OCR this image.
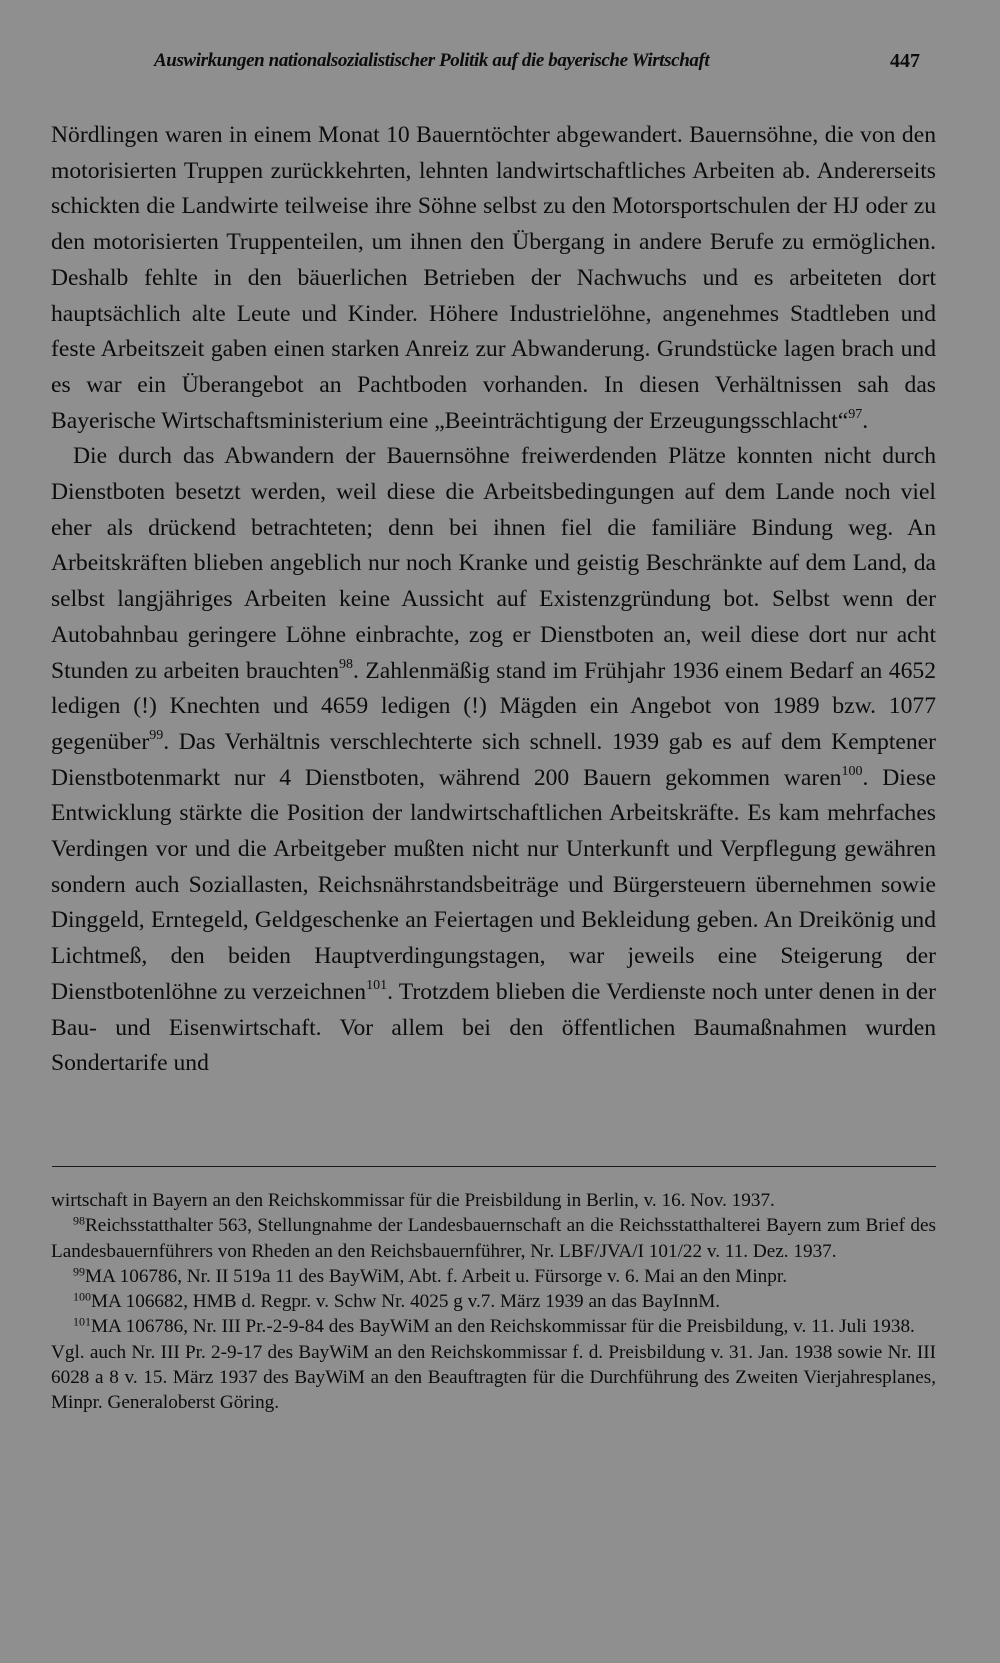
Auswirkungen nationalsozialistischer Politik auf die bayerische Wirtschaft	447

Nördlingen waren in einem Monat 10 Bauerntöchter abgewandert. Bauernsöhne, die von den motorisierten Truppen zurückkehrten, lehnten landwirtschaftliches Arbeiten ab. Andererseits schickten die Landwirte teilweise ihre Söhne selbst zu den Motorsportschulen der HJ oder zu den motorisierten Truppenteilen, um ihnen den Übergang in andere Berufe zu ermöglichen. Deshalb fehlte in den bäuerlichen Betrieben der Nachwuchs und es arbeiteten dort hauptsächlich alte Leute und Kinder. Höhere Industrielöhne, angenehmes Stadtleben und feste Arbeitszeit gaben einen starken Anreiz zur Abwanderung. Grundstücke lagen brach und es war ein Überangebot an Pachtboden vorhanden. In diesen Verhältnissen sah das Bayerische Wirtschaftsministerium eine „Beeinträchtigung der Erzeugungsschlacht“$^{97}$.

Die durch das Abwandern der Bauernsöhne freiwerdenden Plätze konnten nicht durch Dienstboten besetzt werden, weil diese die Arbeitsbedingungen auf dem Lande noch viel eher als drückend betrachteten; denn bei ihnen fiel die familiäre Bindung weg. An Arbeitskräften blieben angeblich nur noch Kranke und geistig Beschränkte auf dem Land, da selbst langjähriges Arbeiten keine Aussicht auf Existenzgründung bot. Selbst wenn der Autobahnbau geringere Löhne einbrachte, zog er Dienstboten an, weil diese dort nur acht Stunden zu arbeiten brauchten$^{98}$. Zahlenmäßig stand im Frühjahr 1936 einem Bedarf an 4652 ledigen (!) Knechten und 4659 ledigen (!) Mägden ein Angebot von 1989 bzw. 1077 gegenüber$^{99}$. Das Verhältnis verschlechterte sich schnell. 1939 gab es auf dem Kemptener Dienstbotenmarkt nur 4 Dienstboten, während 200 Bauern gekommen waren$^{100}$. Diese Entwicklung stärkte die Position der landwirtschaftlichen Arbeitskräfte. Es kam mehrfaches Verdingen vor und die Arbeitgeber mußten nicht nur Unterkunft und Verpflegung gewähren sondern auch Soziallasten, Reichsnährstandsbeiträge und Bürgersteuern übernehmen sowie Dinggeld, Erntegeld, Geldgeschenke an Feiertagen und Bekleidung geben. An Dreikönig und Lichtmeß, den beiden Hauptverdingungstagen, war jeweils eine Steigerung der Dienstbotenlöhne zu verzeichnen$^{101}$. Trotzdem blieben die Verdienste noch unter denen in der Bau- und Eisenwirtschaft. Vor allem bei den öffentlichen Baumaßnahmen wurden Sondertarife und

wirtschaft in Bayern an den Reichskommissar für die Preisbildung in Berlin, v. 16. Nov. 1937.

$^{98}$Reichsstatthalter 563, Stellungnahme der Landesbauernschaft an die Reichsstatthalterei Bayern zum Brief des Landesbauernführers von Rheden an den Reichsbauernführer, Nr. LBF/JVA/I 101/22 v. 11. Dez. 1937.

$^{99}$MA 106786, Nr. II 519a 11 des BayWiM, Abt. f. Arbeit u. Fürsorge v. 6. Mai an den Minpr.

$^{100}$MA 106682, HMB d. Regpr. v. Schw Nr. 4025 g v.7. März 1939 an das BayInnM.

$^{101}$MA 106786, Nr. III Pr.-2-9-84 des BayWiM an den Reichskommissar für die Preisbildung, v. 11. Juli 1938.

Vgl. auch Nr. III Pr. 2-9-17 des BayWiM an den Reichskommissar f. d. Preisbildung v. 31. Jan. 1938 sowie Nr. III 6028 a 8 v. 15. März 1937 des BayWiM an den Beauftragten für die Durchführung des Zweiten Vierjahresplanes, Minpr. Generaloberst Göring.
